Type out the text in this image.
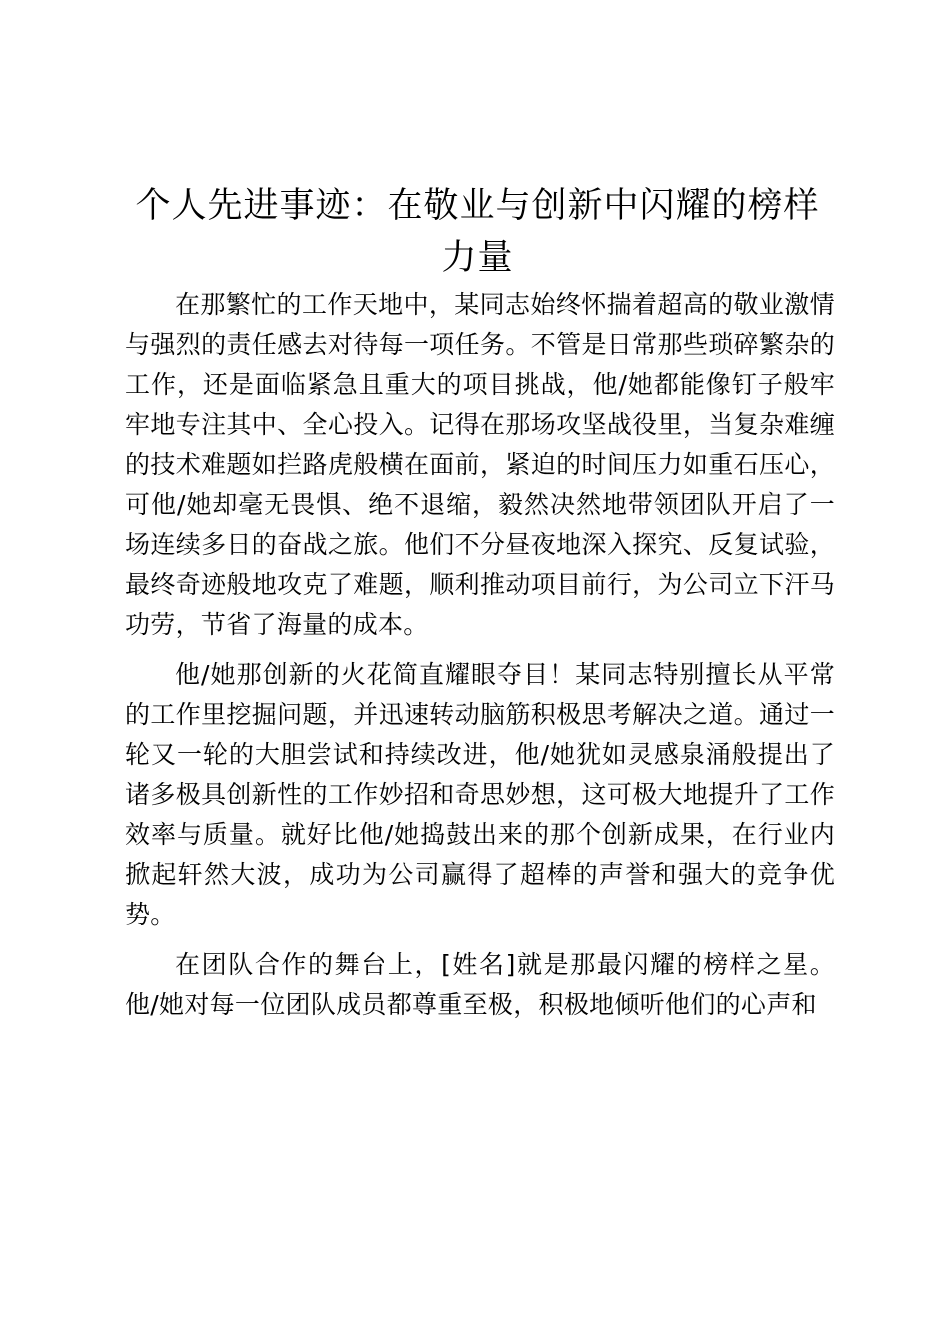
个人先进事迹：在敬业与创新中闪耀的榜样力量

在那繁忙的工作天地中，某同志始终怀揣着超高的敬业激情与强烈的责任感去对待每一项任务。不管是日常那些琐碎繁杂的工作，还是面临紧急且重大的项目挑战，他/她都能像钉子般牢牢地专注其中、全心投入。记得在那场攻坚战役里，当复杂难缠的技术难题如拦路虎般横在面前，紧迫的时间压力如重石压心，可他/她却毫无畏惧、绝不退缩，毅然决然地带领团队开启了一场连续多日的奋战之旅。他们不分昼夜地深入探究、反复试验，最终奇迹般地攻克了难题，顺利推动项目前行，为公司立下汗马功劳，节省了海量的成本。

他/她那创新的火花简直耀眼夺目！某同志特别擅长从平常的工作里挖掘问题，并迅速转动脑筋积极思考解决之道。通过一轮又一轮的大胆尝试和持续改进，他/她犹如灵感泉涌般提出了诸多极具创新性的工作妙招和奇思妙想，这可极大地提升了工作效率与质量。就好比他/她捣鼓出来的那个创新成果，在行业内掀起轩然大波，成功为公司赢得了超棒的声誉和强大的竞争优势。

在团队合作的舞台上，[姓名]就是那最闪耀的榜样之星。他/她对每一位团队成员都尊重至极，积极地倾听他们的心声和
